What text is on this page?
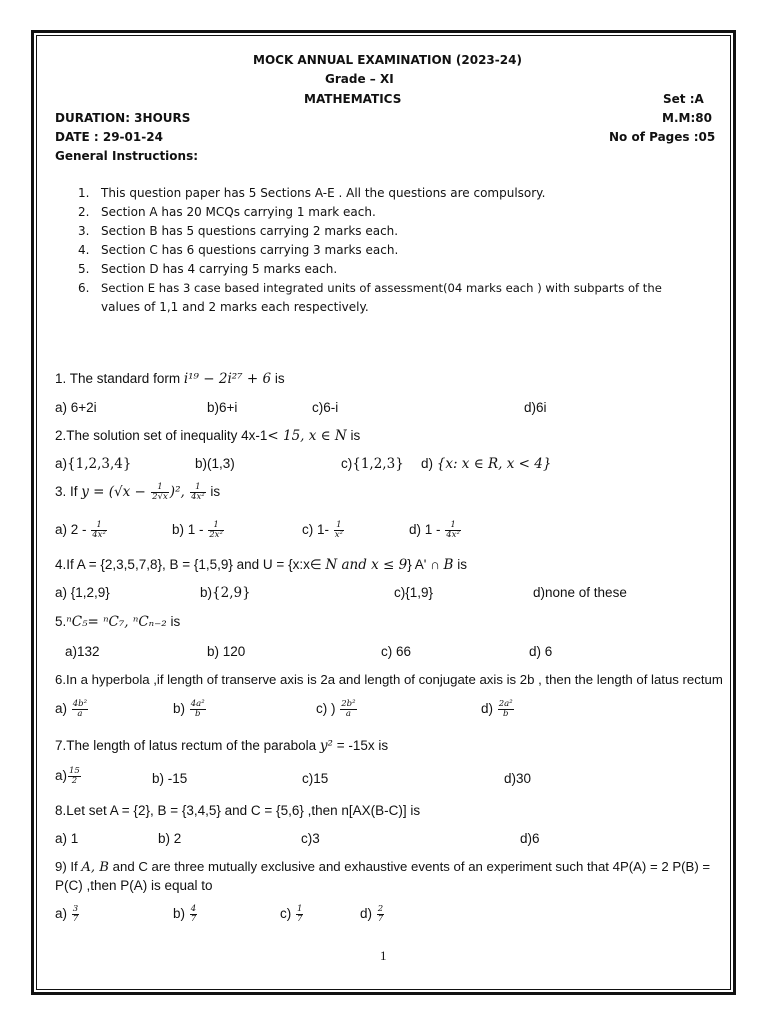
MOCK ANNUAL EXAMINATION (2023-24)
Grade – XI
MATHEMATICS	Set :A
DURATION: 3HOURS	M.M:80
DATE : 29-01-24	No of Pages :05
General Instructions:
1. This question paper has 5 Sections A-E . All the questions are compulsory.
2. Section A has 20 MCQs carrying 1 mark each.
3. Section B has 5 questions carrying 2 marks each.
4. Section C has 6 questions carrying 3 marks each.
5. Section D has 4 carrying 5 marks each.
6. Section E has 3 case based integrated units of assessment(04 marks each ) with subparts of the
values of 1,1 and 2 marks each respectively.
1. The standard form i¹⁹ − 2i²⁷ + 6 is
a) 6+2i	b)6+i	c)6-i	d)6i
2.The solution set of inequality 4x-1< 15, x ∈ N is
a){1,2,3,4}	b)(1,3)	c){1,2,3} d) {x: x ∈ R, x < 4}
3. If $y = (√x - \frac{1}{2√x} )^2$, $\frac{1}{\text{4x²}}$ is
a) $2 - \frac{1}{\text{4x²}}$	b) $1 - \frac{1}{\text{2x²}}$	c) $1- \frac{1}{\text{x²}}$	d) $1 - \frac{1}{\text{4x²}}$
4.If A = {2,3,5,7,8}, B = {1,5,9} and U = {x:x∈ N and x ≤ 9} A' ∩ B is
a) {1,2,9}	b){2,9}	c){1,9}	d)none of these
5.ⁿC₅= ⁿC₇, ⁿCₙ₋₂ is
a)132	b) 120	c) 66	d) 6
6.In a hyperbola ,if length of transerve axis is 2a and length of conjugate axis is 2b , then the length of latus rectum
$a) \frac{\text{4b²}}{a}$	$b) \frac{\text{4a²}}{b}$	c) ) $\frac{\text{2b²}}{a}$	$d) \frac{\text{2a²}}{b}$
7.The length of latus rectum of the parabola y² = -15x is
$a) \frac{15}{2}$	b) -15	c)15	d)30
8.Let set A = {2}, B = {3,4,5} and C = {5,6} ,then n[AX(B-C)] is
a) 1	b) 2	c)3	d)6
9) If A, B and C are three mutually exclusive and exhaustive events of an experiment such that 4P(A) = 2 P(B) =
P(C) ,then P(A) is equal to
$a) \frac{3}{7}$	$b) \frac{4}{7}$	$c) \frac{1}{7}$	$d) \frac{2}{7}$
1
